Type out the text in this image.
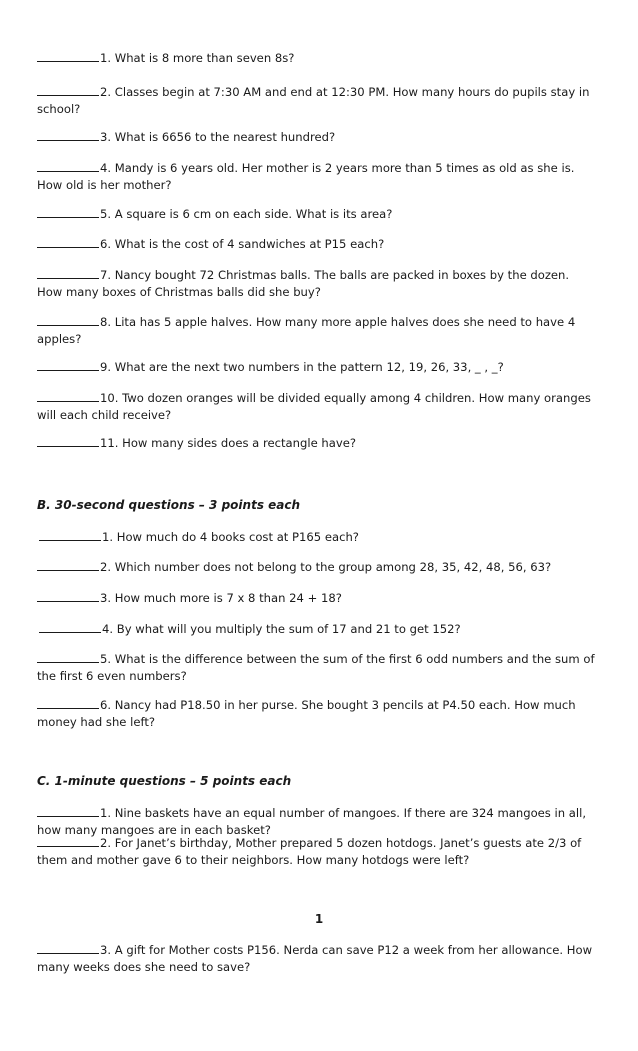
1. What is 8 more than seven 8s?

2. Classes begin at 7:30 AM and end at 12:30 PM. How many hours do pupils stay in school?

3. What is 6656 to the nearest hundred?

4. Mandy is 6 years old. Her mother is 2 years more than 5 times as old as she is. How old is her mother?

5. A square is 6 cm on each side. What is its area?

6. What is the cost of 4 sandwiches at P15 each?

7. Nancy bought 72 Christmas balls. The balls are packed in boxes by the dozen. How many boxes of Christmas balls did she buy?

8. Lita has 5 apple halves. How many more apple halves does she need to have 4 apples?

9. What are the next two numbers in the pattern 12, 19, 26, 33, _ , _?

10. Two dozen oranges will be divided equally among 4 children. How many oranges will each child receive?

11. How many sides does a rectangle have?

B. 30-second questions – 3 points each

1. How much do 4 books cost at P165 each?

2. Which number does not belong to the group among 28, 35, 42, 48, 56, 63?

3. How much more is 7 x 8 than 24 + 18?

4. By what will you multiply the sum of 17 and 21 to get 152?

5. What is the difference between the sum of the first 6 odd numbers and the sum of the first 6 even numbers?

6. Nancy had P18.50 in her purse. She bought 3 pencils at P4.50 each. How much money had she left?

C. 1-minute questions – 5 points each

1. Nine baskets have an equal number of mangoes. If there are 324 mangoes in all, how many mangoes are in each basket?

2. For Janet’s birthday, Mother prepared 5 dozen hotdogs. Janet’s guests ate 2/3 of them and mother gave 6 to their neighbors. How many hotdogs were left?

1

3. A gift for Mother costs P156. Nerda can save P12 a week from her allowance. How many weeks does she need to save?
